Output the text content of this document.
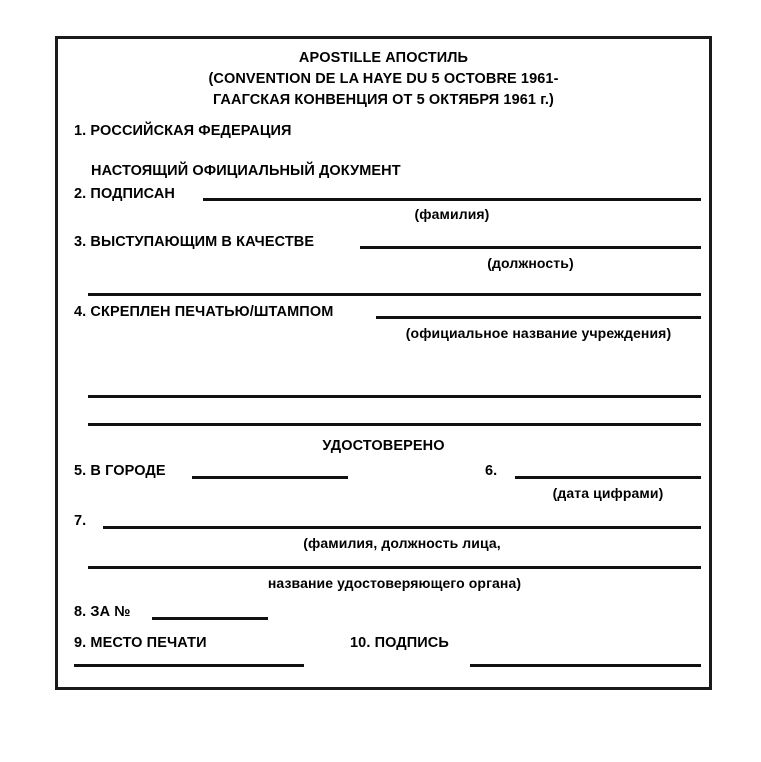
APOSTILLE АПОСТИЛЬ
(CONVENTION DE LA HAYE DU 5 OCTOBRE 1961-
ГААГСКАЯ КОНВЕНЦИЯ ОТ 5 ОКТЯБРЯ 1961 г.)
1. РОССИЙСКАЯ ФЕДЕРАЦИЯ
НАСТОЯЩИЙ ОФИЦИАЛЬНЫЙ ДОКУМЕНТ
2. ПОДПИСАН
(фамилия)
3. ВЫСТУПАЮЩИМ В КАЧЕСТВЕ
(должность)
4. СКРЕПЛЕН ПЕЧАТЬЮ/ШТАМПОМ
(официальное название учреждения)
УДОСТОВЕРЕНО
5. В ГОРОДЕ	6.
(дата цифрами)
7.
(фамилия, должность лица,
название удостоверяющего органа)
8. ЗА №
9. МЕСТО ПЕЧАТИ	10. ПОДПИСЬ
